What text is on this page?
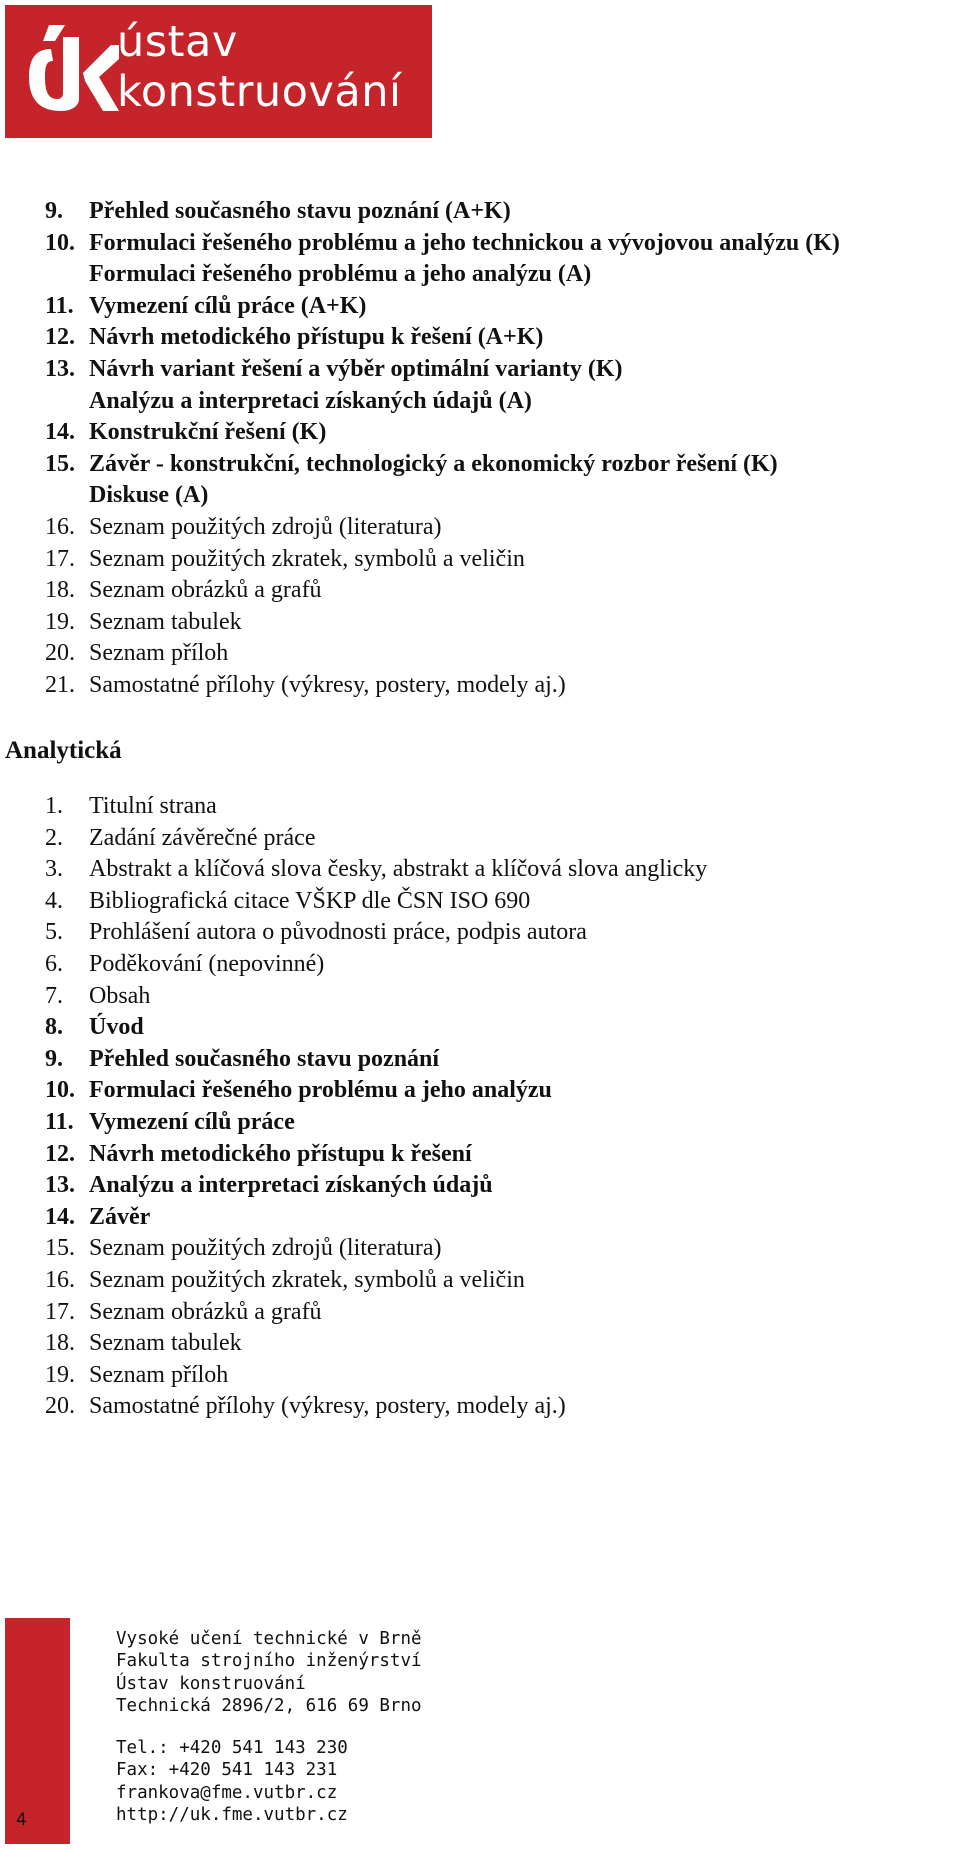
ústav
konstruování
9. Přehled současného stavu poznání (A+K)
10. Formulaci řešeného problému a jeho technickou a vývojovou analýzu (K)
Formulaci řešeného problému a jeho analýzu (A)
11. Vymezení cílů práce (A+K)
12. Návrh metodického přístupu k řešení (A+K)
13. Návrh variant řešení a výběr optimální varianty (K)
Analýzu a interpretaci získaných údajů (A)
14. Konstrukční řešení (K)
15. Závěr - konstrukční, technologický a ekonomický rozbor řešení (K)
Diskuse (A)
16. Seznam použitých zdrojů (literatura)
17. Seznam použitých zkratek, symbolů a veličin
18. Seznam obrázků a grafů
19. Seznam tabulek
20. Seznam příloh
21. Samostatné přílohy (výkresy, postery, modely aj.)
Analytická
1. Titulní strana
2. Zadání závěrečné práce
3. Abstrakt a klíčová slova česky, abstrakt a klíčová slova anglicky
4. Bibliografická citace VŠKP dle ČSN ISO 690
5. Prohlášení autora o původnosti práce, podpis autora
6. Poděkování (nepovinné)
7. Obsah
8. Úvod
9. Přehled současného stavu poznání
10. Formulaci řešeného problému a jeho analýzu
11. Vymezení cílů práce
12. Návrh metodického přístupu k řešení
13. Analýzu a interpretaci získaných údajů
14. Závěr
15. Seznam použitých zdrojů (literatura)
16. Seznam použitých zkratek, symbolů a veličin
17. Seznam obrázků a grafů
18. Seznam tabulek
19. Seznam příloh
20. Samostatné přílohy (výkresy, postery, modely aj.)
4
Vysoké učení technické v Brně
Fakulta strojního inženýrství
Ústav konstruování
Technická 2896/2, 616 69 Brno
Tel.: +420 541 143 230
Fax: +420 541 143 231
frankova@fme.vutbr.cz
http://uk.fme.vutbr.cz
